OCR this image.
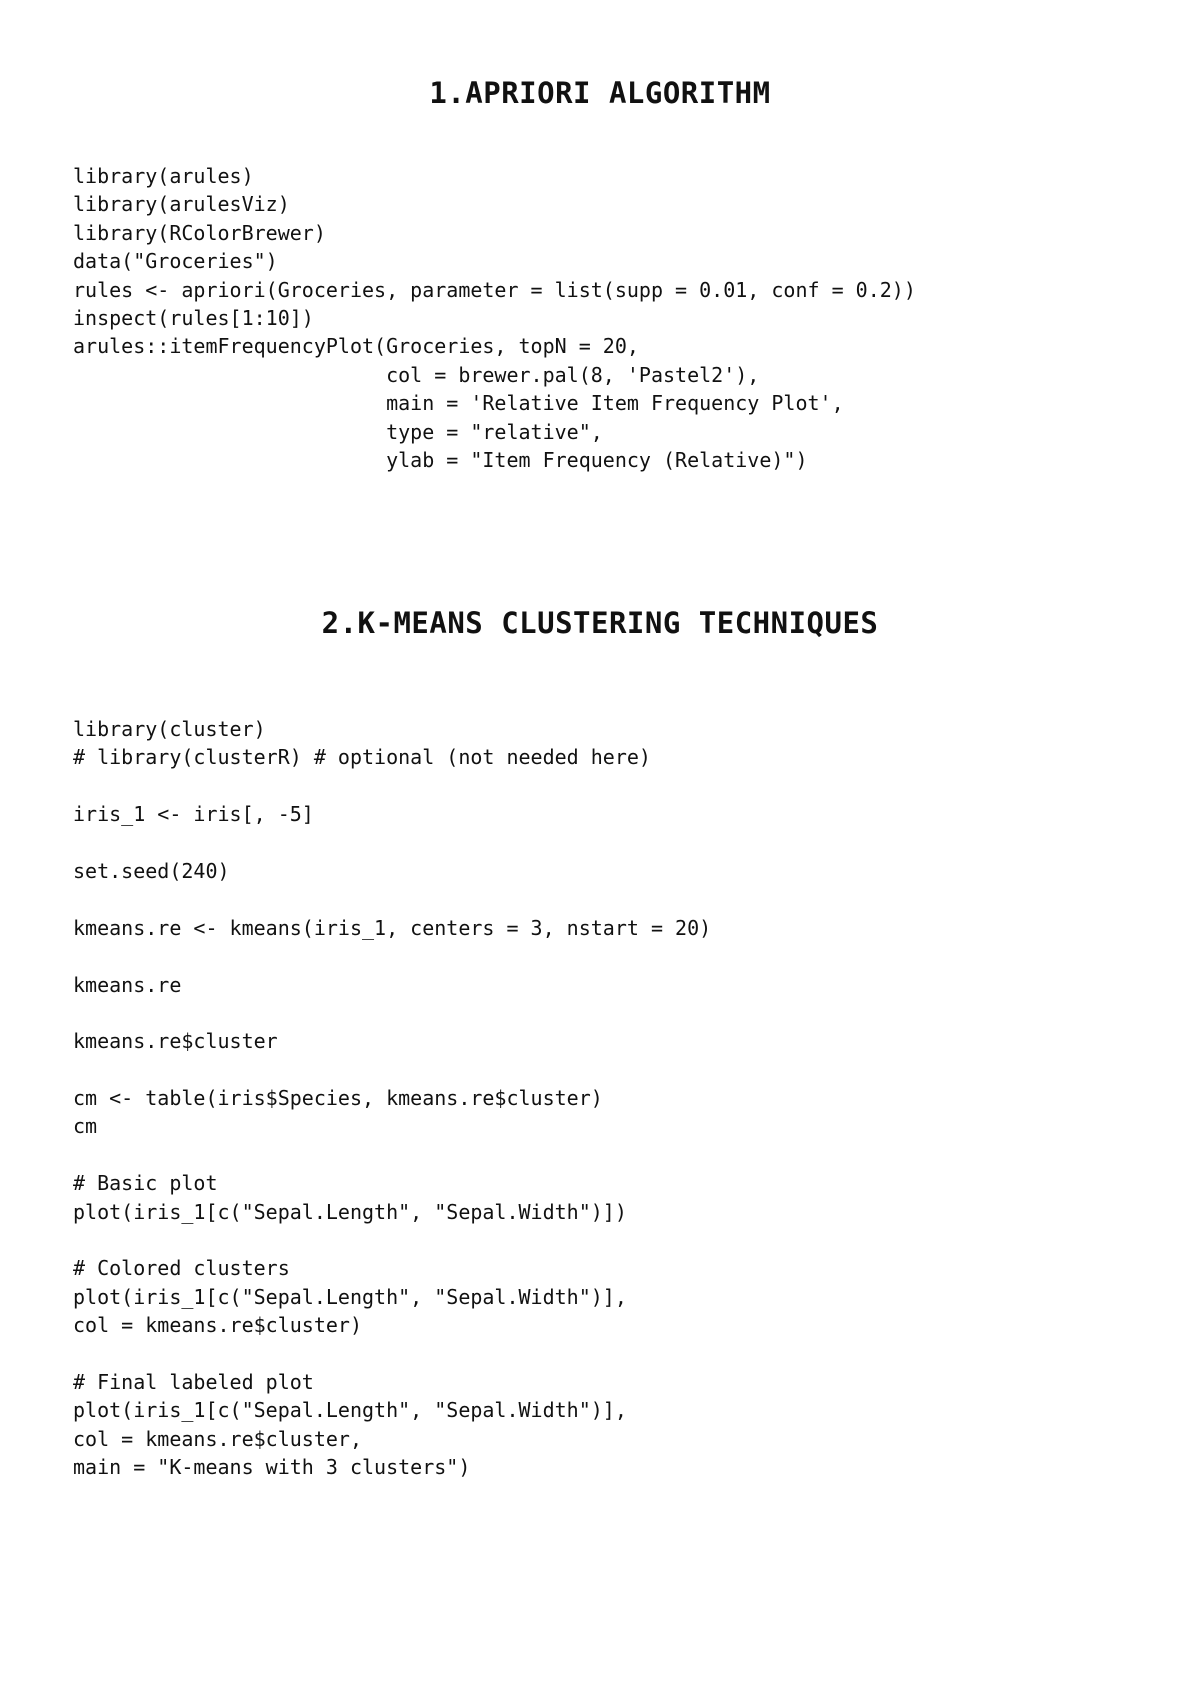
1.APRIORI ALGORITHM
library(arules)
library(arulesViz)
library(RColorBrewer)
data("Groceries")
rules <- apriori(Groceries, parameter = list(supp = 0.01, conf = 0.2))
inspect(rules[1:10])
arules::itemFrequencyPlot(Groceries, topN = 20,
col = brewer.pal(8, 'Pastel2'),
main = 'Relative Item Frequency Plot',
type = "relative",
ylab = "Item Frequency (Relative)")
2.K-MEANS CLUSTERING TECHNIQUES
library(cluster)
# library(clusterR) # optional (not needed here)
iris_1 <- iris[, -5]
set.seed(240)
kmeans.re <- kmeans(iris_1, centers = 3, nstart = 20)
kmeans.re
kmeans.re$cluster
cm <- table(iris$Species, kmeans.re$cluster)
cm
# Basic plot
plot(iris_1[c("Sepal.Length", "Sepal.Width")])
# Colored clusters
plot(iris_1[c("Sepal.Length", "Sepal.Width")],
col = kmeans.re$cluster)
# Final labeled plot
plot(iris_1[c("Sepal.Length", "Sepal.Width")],
col = kmeans.re$cluster,
main = "K-means with 3 clusters")
